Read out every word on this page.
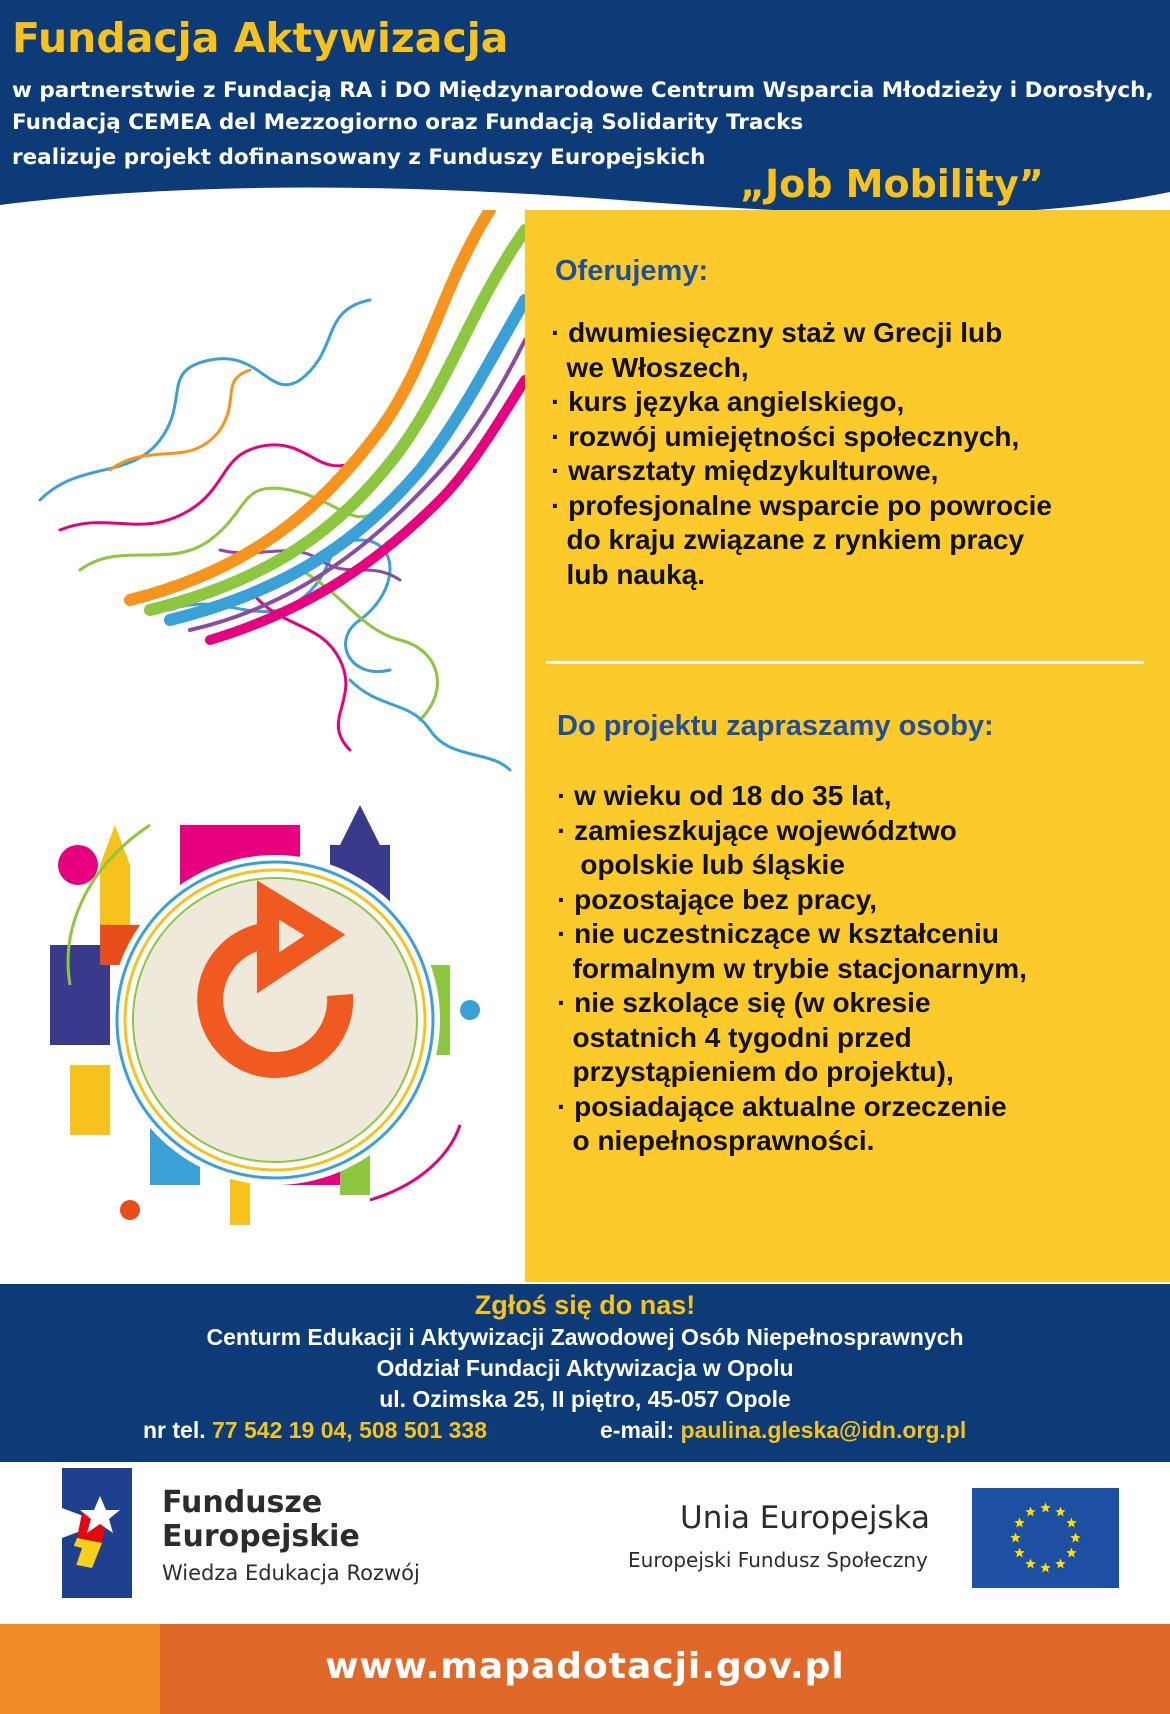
Fundacja Aktywizacja
w partnerstwie z Fundacją RA i DO Międzynarodowe Centrum Wsparcia Młodzieży i Dorosłych,
Fundacją CEMEA del Mezzogiorno oraz Fundacją Solidarity Tracks
realizuje projekt dofinansowany z Funduszy Europejskich
„Job Mobility”
Oferujemy:
· dwumiesięczny staż w Grecji lub
we Włoszech,
· kurs języka angielskiego,
· rozwój umiejętności społecznych,
· warsztaty międzykulturowe,
· profesjonalne wsparcie po powrocie
do kraju związane z rynkiem pracy
lub nauką.
Do projektu zapraszamy osoby:
· w wieku od 18 do 35 lat,
· zamieszkujące województwo
opolskie lub śląskie
· pozostające bez pracy,
· nie uczestniczące w kształceniu
formalnym w trybie stacjonarnym,
· nie szkolące się (w okresie
ostatnich 4 tygodni przed
przystąpieniem do projektu),
· posiadające aktualne orzeczenie
o niepełnosprawności.
Zgłoś się do nas!
Centurm Edukacji i Aktywizacji Zawodowej Osób Niepełnosprawnych
Oddział Fundacji Aktywizacja w Opolu
ul. Ozimska 25, II piętro, 45-057 Opole
nr tel. 77 542 19 04, 508 501 338	e-mail: paulina.gleska@idn.org.pl
Fundusze
Europejskie
Wiedza Edukacja Rozwój
Unia Europejska
Europejski Fundusz Społeczny
www.mapadotacji.gov.pl
